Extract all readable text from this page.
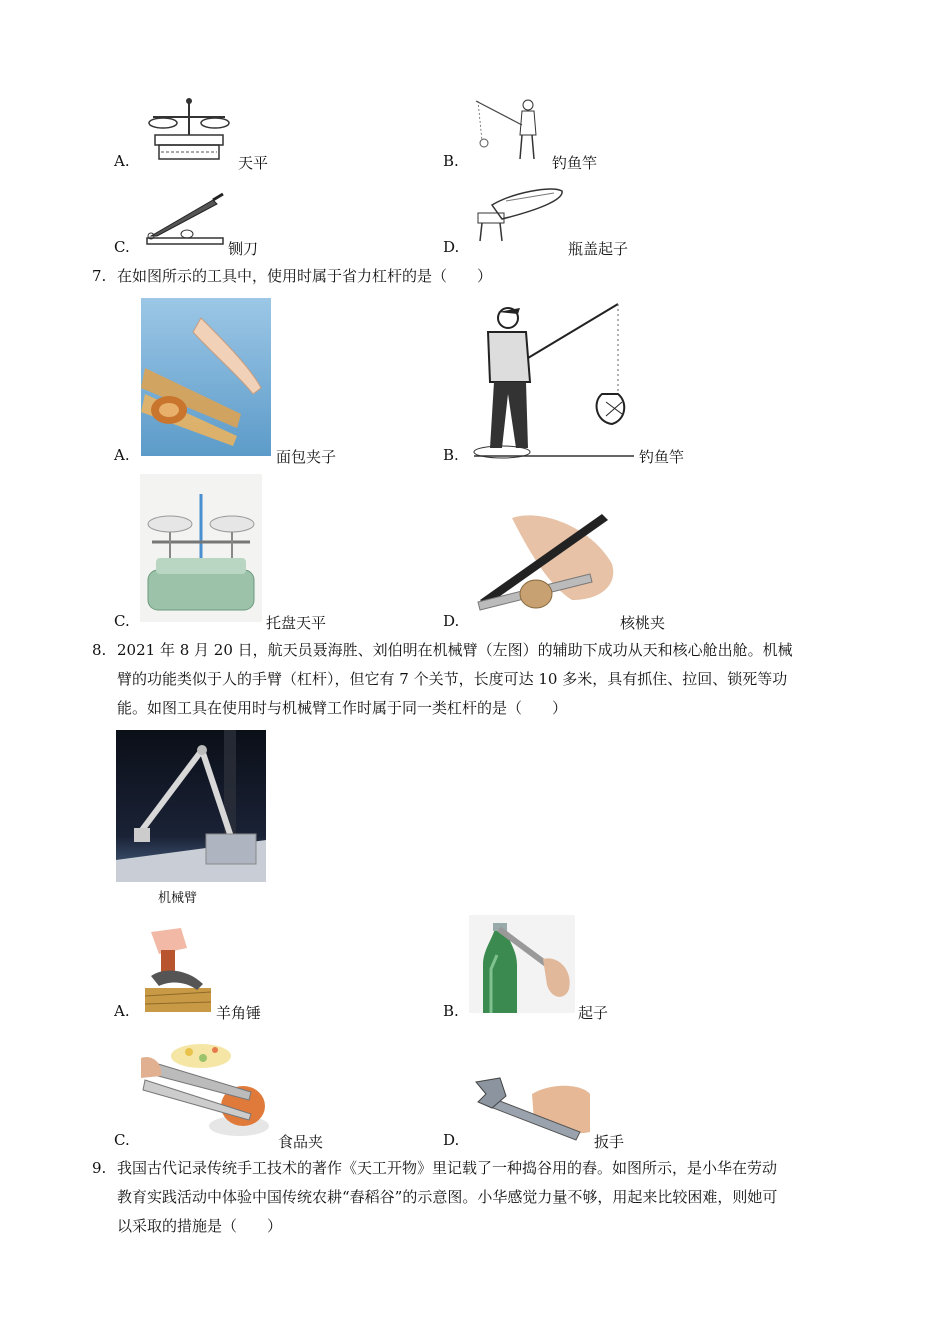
A.	天平	B.	钓鱼竿
C.	铡刀	D.	瓶盖起子
7. 在如图所示的工具中，使用时属于省力杠杆的是（　　）
A.	面包夹子	B.	钓鱼竿
C.	托盘天平	D.	核桃夹
8. 2021 年 8 月 20 日，航天员聂海胜、刘伯明在机械臂（左图）的辅助下成功从天和核心舱出舱。机械
臂的功能类似于人的手臂（杠杆），但它有 7 个关节，长度可达 10 多米，具有抓住、拉回、锁死等功
能。如图工具在使用时与机械臂工作时属于同一类杠杆的是（　　）
机械臂
A.	羊角锤	B.	起子
C.	食品夹	D.	扳手
9. 我国古代记录传统手工技术的著作《天工开物》里记载了一种捣谷用的舂。如图所示，是小华在劳动
教育实践活动中体验中国传统农耕“舂稻谷”的示意图。小华感觉力量不够，用起来比较困难，则她可
以采取的措施是（　　）
